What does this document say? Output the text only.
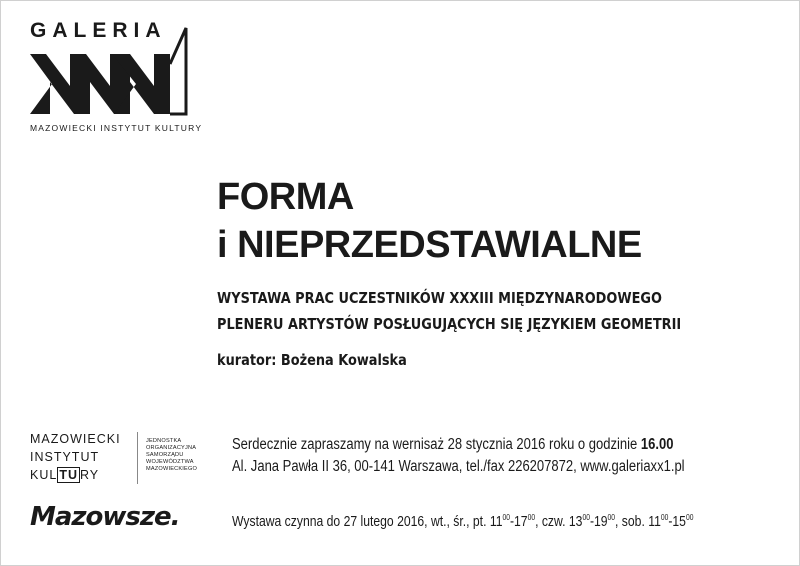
GALERIA
MAZOWIECKI INSTYTUT KULTURY
FORMA
i NIEPRZEDSTAWIALNE
WYSTAWA PRAC UCZESTNIKÓW XXXIII MIĘDZYNARODOWEGO
PLENERU ARTYSTÓW POSŁUGUJĄCYCH SIĘ JĘZYKIEM GEOMETRII
kurator: Bożena Kowalska
MAZOWIECKI
INSTYTUT
KUL TU RY
JEDNOSTKA
ORGANIZACYJNA
SAMORZĄDU
WOJEWÓDZTWA
MAZOWIECKIEGO
Serdecznie zapraszamy na wernisaż 28 stycznia 2016 roku o godzinie 16.00
Al. Jana Pawła II 36, 00-141 Warszawa, tel./fax 226207872, www.galeriaxx1.pl
Mazowsze.	Wystawa czynna do 27 lutego 2016, wt., śr., pt. $11^{00}-17^{00}$, czw. $13^{00}-19^{00}$, sob. $11^{00}-15^{00}$
